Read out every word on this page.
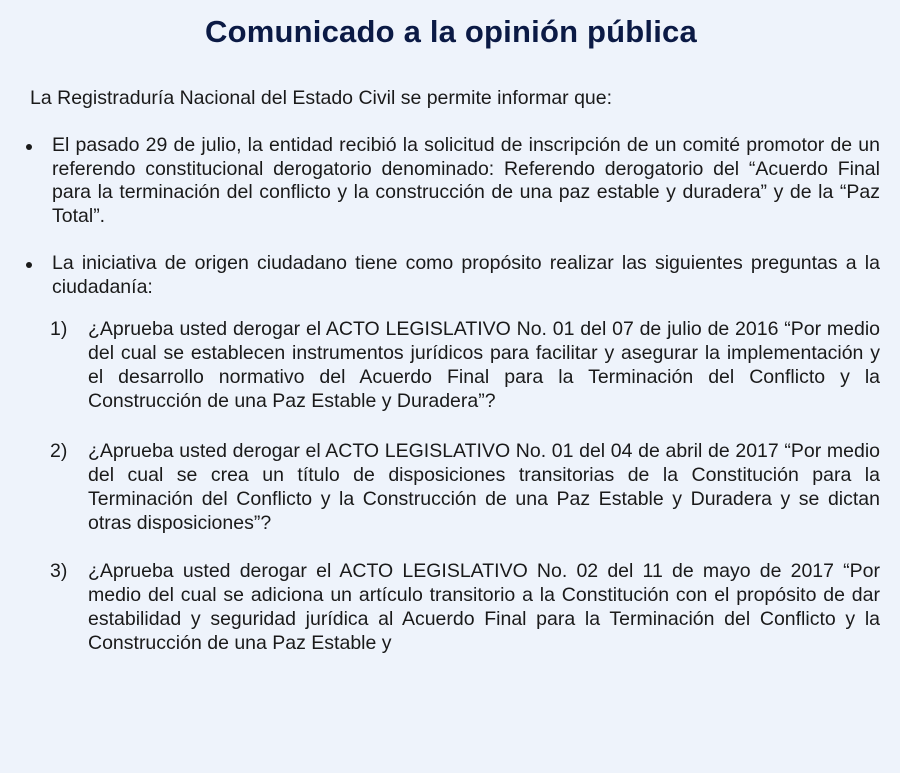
Comunicado a la opinión pública

La Registraduría Nacional del Estado Civil se permite informar que:

El pasado 29 de julio, la entidad recibió la solicitud de inscripción de un comité promotor de un referendo constitucional derogatorio denominado: Referendo derogatorio del “Acuerdo Final para la terminación del conflicto y la construcción de una paz estable y duradera” y de la “Paz Total”.
La iniciativa de origen ciudadano tiene como propósito realizar las siguientes preguntas a la ciudadanía:
1) ¿Aprueba usted derogar el ACTO LEGISLATIVO No. 01 del 07 de julio de 2016 “Por medio del cual se establecen instrumentos jurídicos para facilitar y asegurar la implementación y el desarrollo normativo del Acuerdo Final para la Terminación del Conflicto y la Construcción de una Paz Estable y Duradera”?
2) ¿Aprueba usted derogar el ACTO LEGISLATIVO No. 01 del 04 de abril de 2017 “Por medio del cual se crea un título de disposiciones transitorias de la Constitución para la Terminación del Conflicto y la Construcción de una Paz Estable y Duradera y se dictan otras disposiciones”?
3) ¿Aprueba usted derogar el ACTO LEGISLATIVO No. 02 del 11 de mayo de 2017 “Por medio del cual se adiciona un artículo transitorio a la Constitución con el propósito de dar estabilidad y seguridad jurídica al Acuerdo Final para la Terminación del Conflicto y la Construcción de una Paz Estable y
